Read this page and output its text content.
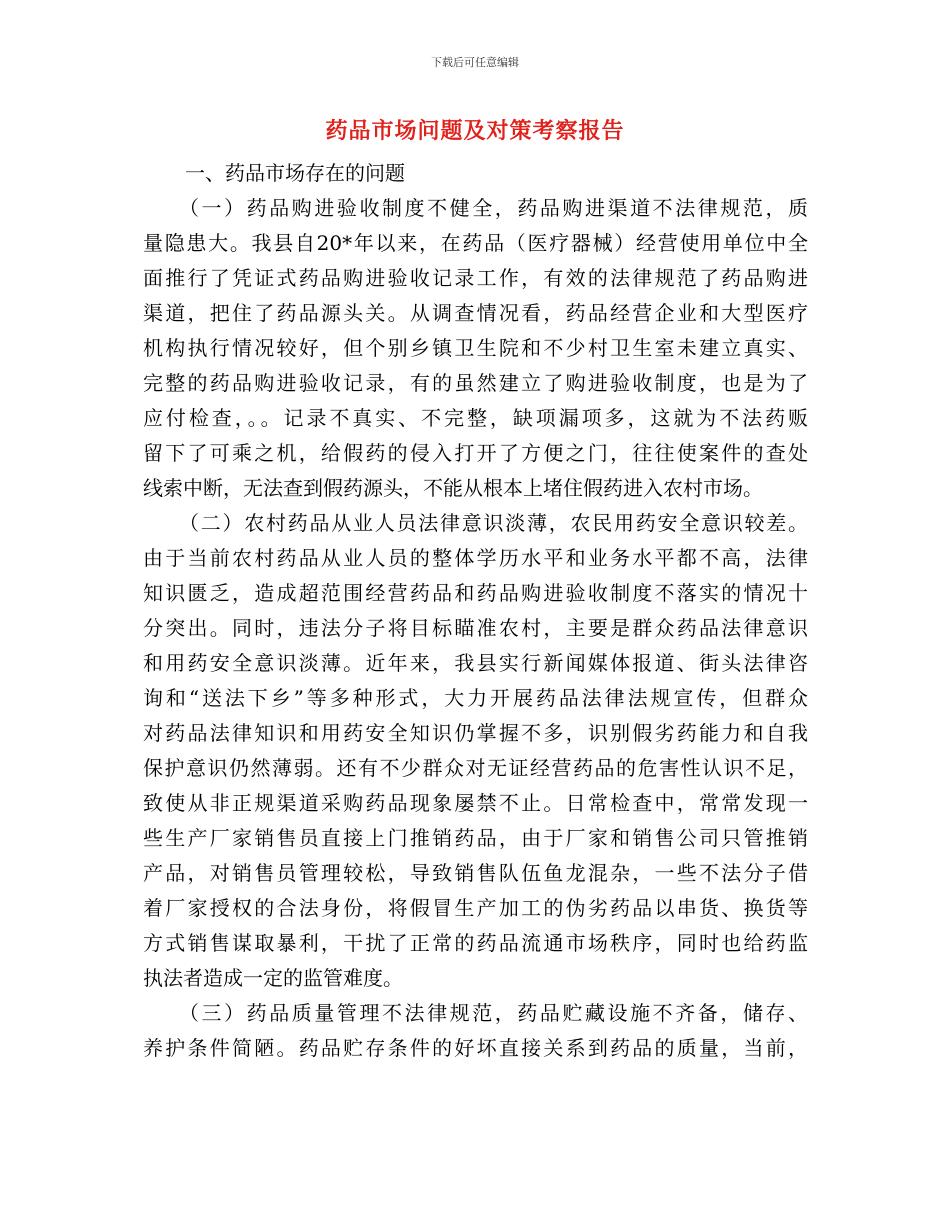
下载后可任意编辑
药品市场问题及对策考察报告
一、药品市场存在的问题
（一）药品购进验收制度不健全，药品购进渠道不法律规范，质
量隐患大。我县自20*年以来，在药品（医疗器械）经营使用单位中全
面推行了凭证式药品购进验收记录工作，有效的法律规范了药品购进
渠道，把住了药品源头关。从调查情况看，药品经营企业和大型医疗
机构执行情况较好，但个别乡镇卫生院和不少村卫生室未建立真实、
完整的药品购进验收记录，有的虽然建立了购进验收制度，也是为了
应付检查，。。记录不真实、不完整，缺项漏项多，这就为不法药贩
留下了可乘之机，给假药的侵入打开了方便之门，往往使案件的查处
线索中断，无法查到假药源头，不能从根本上堵住假药进入农村市场。
（二）农村药品从业人员法律意识淡薄，农民用药安全意识较差。
由于当前农村药品从业人员的整体学历水平和业务水平都不高，法律
知识匮乏，造成超范围经营药品和药品购进验收制度不落实的情况十
分突出。同时，违法分子将目标瞄准农村，主要是群众药品法律意识
和用药安全意识淡薄。近年来，我县实行新闻媒体报道、街头法律咨
询和“送法下乡”等多种形式，大力开展药品法律法规宣传，但群众
对药品法律知识和用药安全知识仍掌握不多，识别假劣药能力和自我
保护意识仍然薄弱。还有不少群众对无证经营药品的危害性认识不足，
致使从非正规渠道采购药品现象屡禁不止。日常检查中，常常发现一
些生产厂家销售员直接上门推销药品，由于厂家和销售公司只管推销
产品，对销售员管理较松，导致销售队伍鱼龙混杂，一些不法分子借
着厂家授权的合法身份，将假冒生产加工的伪劣药品以串货、换货等
方式销售谋取暴利，干扰了正常的药品流通市场秩序，同时也给药监
执法者造成一定的监管难度。
（三）药品质量管理不法律规范，药品贮藏设施不齐备，储存、
养护条件简陋。药品贮存条件的好坏直接关系到药品的质量，当前，
